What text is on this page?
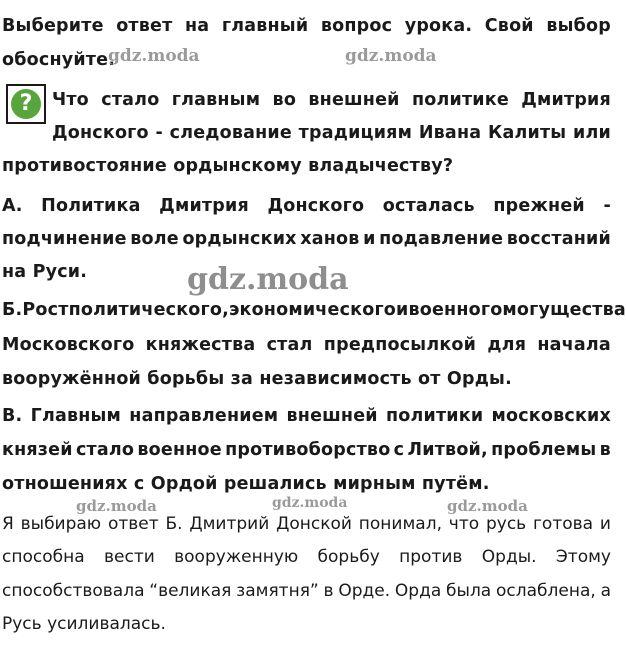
Выберите ответ на главный вопрос урока. Свой выбор
обоснуйте.
? Что стало главным во внешней политике Дмитрия
Донского - следование традициям Ивана Калиты или
противостояние ордынскому владычеству?
А. Политика Дмитрия Донского осталась прежней -
подчинение воле ордынских ханов и подавление восстаний
на Руси.
Б. Рост политического, экономического и военного могущества
Московского княжества стал предпосылкой для начала
вооружённой борьбы за независимость от Орды.
В. Главным направлением внешней политики московских
князей стало военное противоборство с Литвой, проблемы в
отношениях с Ордой решались мирным путём.
Я выбираю ответ Б. Дмитрий Донской понимал, что русь готова и
способна вести вооруженную борьбу против Орды. Этому
способствовала “великая замятня” в Орде. Орда была ослаблена, а
Русь усиливалась.
gdz.moda	gdz.moda
gdz.moda
gdz.moda	gdz.moda	gdz.moda
